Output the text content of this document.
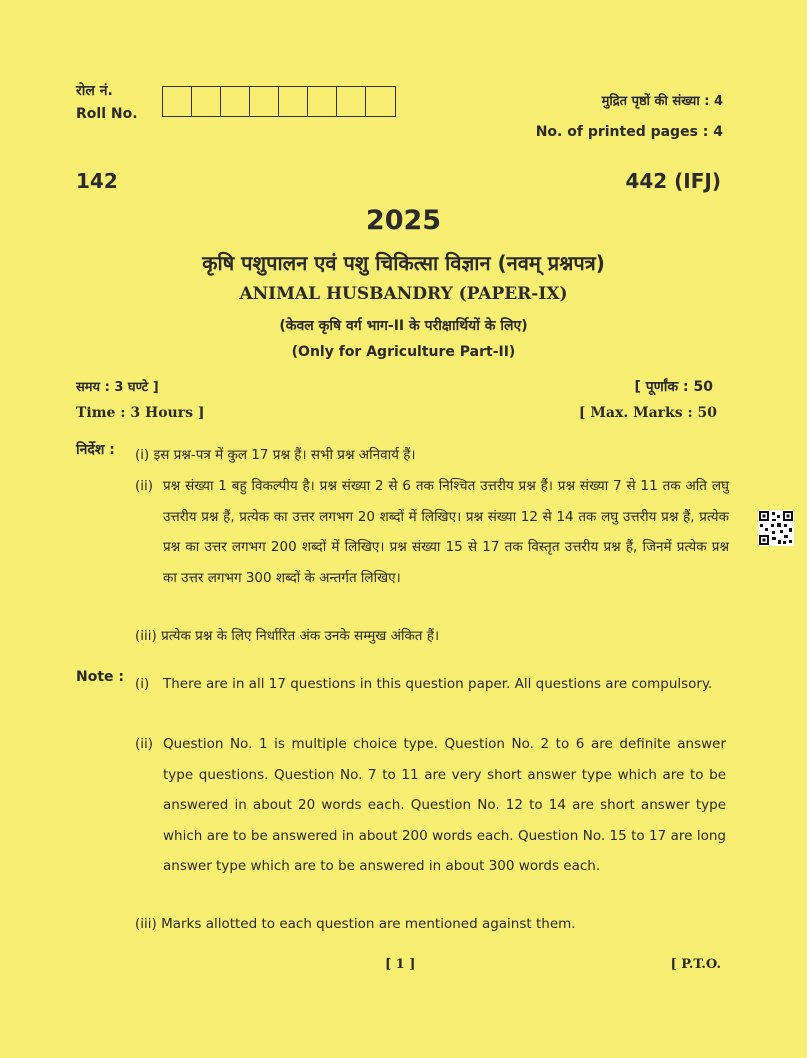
रोल नं.
Roll No.
मुद्रित पृष्ठों की संख्या : 4
No. of printed pages : 4
142	442 (IFJ)
2025
कृषि पशुपालन एवं पशु चिकित्सा विज्ञान (नवम् प्रश्नपत्र)
ANIMAL HUSBANDRY (PAPER-IX)
(केवल कृषि वर्ग भाग-II के परीक्षार्थियों के लिए)
(Only for Agriculture Part-II)
समय : 3 घण्टे ]
Time : 3 Hours ]
[ पूर्णांक : 50
[ Max. Marks : 50
निर्देश : (i) इस प्रश्न-पत्र में कुल 17 प्रश्न हैं। सभी प्रश्न अनिवार्य हैं।
(ii) प्रश्न संख्या 1 बहु विकल्पीय है। प्रश्न संख्या 2 से 6 तक निश्चित उत्तरीय प्रश्न हैं। प्रश्न संख्या 7 से 11 तक अति लघु उत्तरीय प्रश्न हैं, प्रत्येक का उत्तर लगभग 20 शब्दों में लिखिए। प्रश्न संख्या 12 से 14 तक लघु उत्तरीय प्रश्न हैं, प्रत्येक प्रश्न का उत्तर लगभग 200 शब्दों में लिखिए। प्रश्न संख्या 15 से 17 तक विस्तृत उत्तरीय प्रश्न हैं, जिनमें प्रत्येक प्रश्न का उत्तर लगभग 300 शब्दों के अन्तर्गत लिखिए।
(iii) प्रत्येक प्रश्न के लिए निर्धारित अंक उनके सम्मुख अंकित हैं।
Note : (i) There are in all 17 questions in this question paper. All questions are compulsory.
(ii) Question No. 1 is multiple choice type. Question No. 2 to 6 are definite answer type questions. Question No. 7 to 11 are very short answer type which are to be answered in about 20 words each. Question No. 12 to 14 are short answer type which are to be answered in about 200 words each. Question No. 15 to 17 are long answer type which are to be answered in about 300 words each.
(iii) Marks allotted to each question are mentioned against them.
[ 1 ]	[ P.T.O.
